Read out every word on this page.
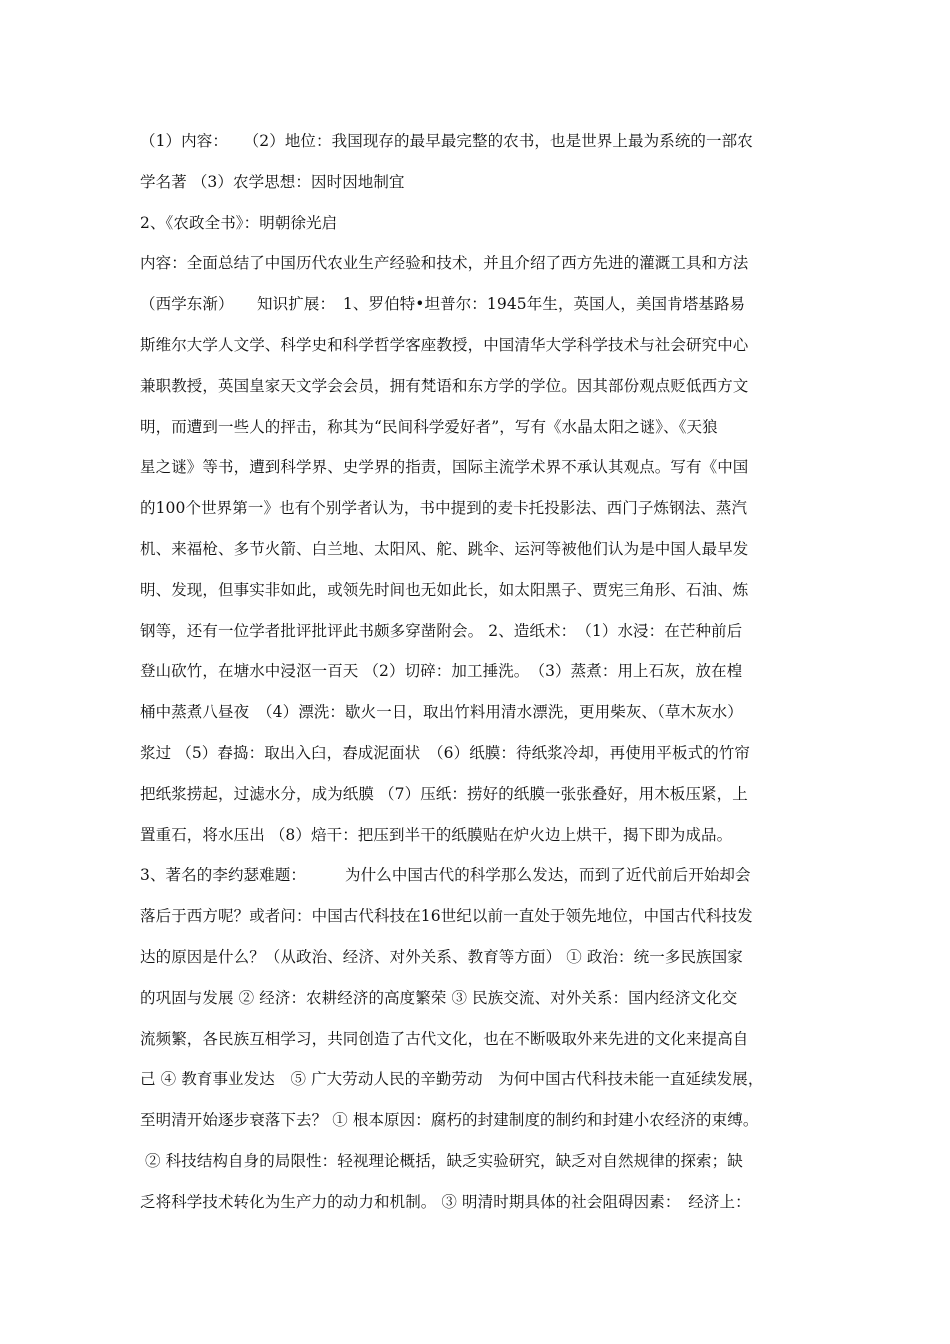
（1）内容：　　（2）地位：我国现存的最早最完整的农书，也是世界上最为系统的一部农
学名著 （3）农学思想：因时因地制宜
2、《农政全书》：明朝徐光启
内容：全面总结了中国历代农业生产经验和技术，并且介绍了西方先进的灌溉工具和方法
（西学东渐）　　知识扩展：　1、罗伯特•坦普尔：1945年生，英国人，美国肯塔基路易
斯维尔大学人文学、科学史和科学哲学客座教授，中国清华大学科学技术与社会研究中心
兼职教授，英国皇家天文学会会员，拥有梵语和东方学的学位。因其部份观点贬低西方文
明，而遭到一些人的抨击，称其为“民间科学爱好者”，写有《水晶太阳之谜》、《天狼
星之谜》等书，遭到科学界、史学界的指责，国际主流学术界不承认其观点。写有《中国
的100个世界第一》也有个别学者认为，书中提到的麦卡托投影法、西门子炼钢法、蒸汽
机、来福枪、多节火箭、白兰地、太阳风、舵、跳伞、运河等被他们认为是中国人最早发
明、发现，但事实非如此，或领先时间也无如此长，如太阳黑子、贾宪三角形、石油、炼
钢等，还有一位学者批评批评此书颇多穿凿附会。 2、造纸术：　（1）水浸：在芒种前后
登山砍竹，在塘水中浸沤一百天 （2）切碎：加工捶洗。　（3）蒸煮：用上石灰，放在楻
桶中蒸煮八昼夜　（4）漂洗：歇火一日，取出竹料用清水漂洗，更用柴灰、（草木灰水）
浆过 （5）舂捣：取出入臼，舂成泥面状　（6）纸膜：待纸浆冷却，再使用平板式的竹帘
把纸浆捞起，过滤水分，成为纸膜 （7）压纸：捞好的纸膜一张张叠好，用木板压紧，上
置重石，将水压出 （8）焙干：把压到半干的纸膜贴在炉火边上烘干，揭下即为成品。
3、著名的李约瑟难题：　　　为什么中国古代的科学那么发达，而到了近代前后开始却会
落后于西方呢？或者问：中国古代科技在16世纪以前一直处于领先地位，中国古代科技发
达的原因是什么？（从政治、经济、对外关系、教育等方面） ① 政治：统一多民族国家
的巩固与发展 ② 经济：农耕经济的高度繁荣 ③ 民族交流、对外关系：国内经济文化交
流频繁，各民族互相学习，共同创造了古代文化，也在不断吸取外来先进的文化来提高自
己 ④ 教育事业发达　⑤ 广大劳动人民的辛勤劳动　为何中国古代科技未能一直延续发展，
至明清开始逐步衰落下去？ ① 根本原因：腐朽的封建制度的制约和封建小农经济的束缚。
② 科技结构自身的局限性：轻视理论概括，缺乏实验研究，缺乏对自然规律的探索；缺
乏将科学技术转化为生产力的动力和机制。 ③ 明清时期具体的社会阻碍因素：　经济上：
